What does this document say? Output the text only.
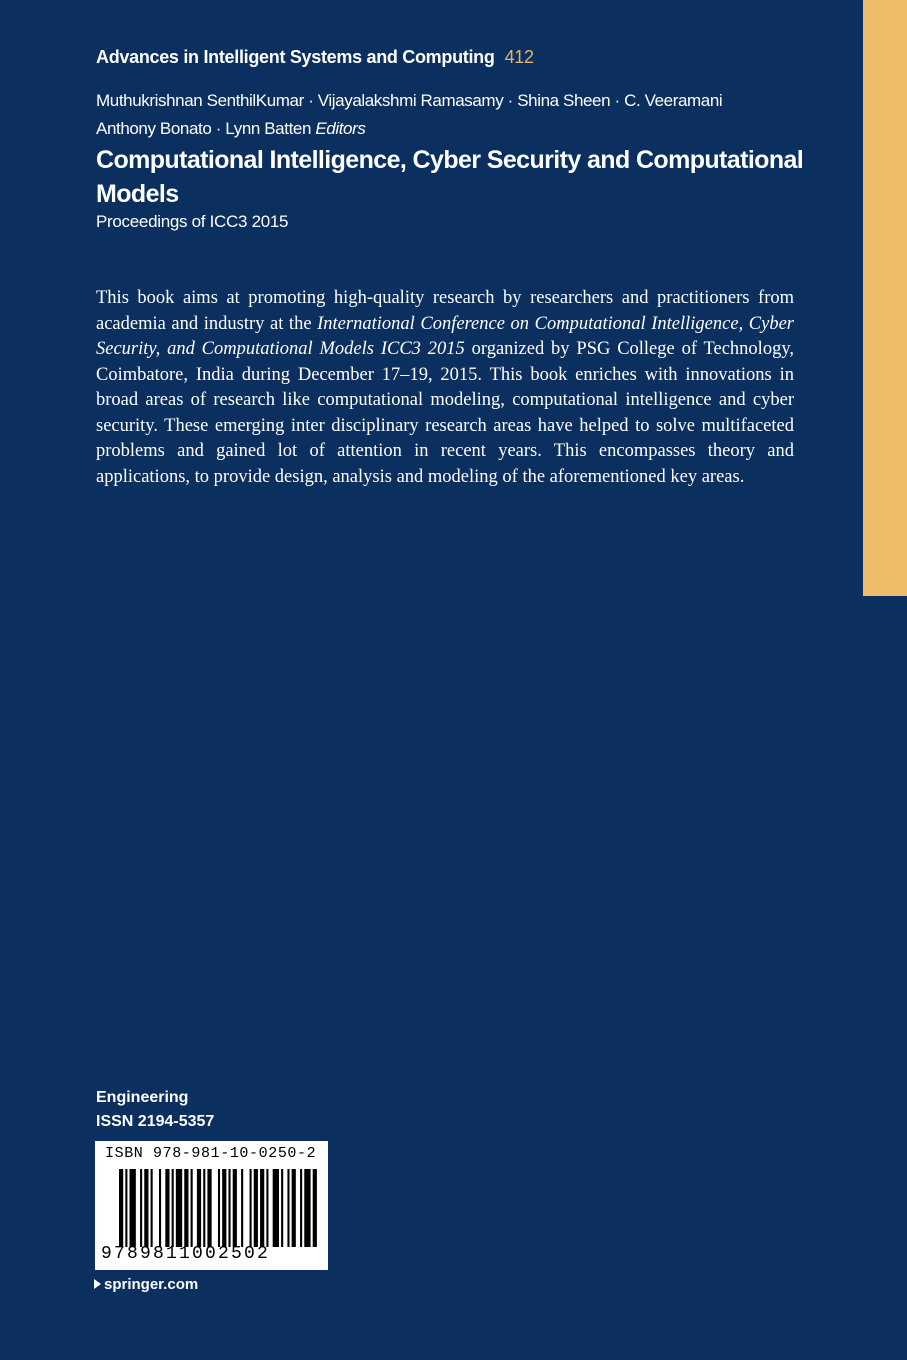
Advances in Intelligent Systems and Computing 412
Muthukrishnan SenthilKumar · Vijayalakshmi Ramasamy · Shina Sheen · C. Veeramani
Anthony Bonato · Lynn Batten Editors
Computational Intelligence, Cyber Security and Computational Models
Proceedings of ICC3 2015
This book aims at promoting high-quality research by researchers and practitioners from academia and industry at the International Conference on Computational Intelligence, Cyber Security, and Computational Models ICC3 2015 organized by PSG College of Technology, Coimbatore, India during December 17–19, 2015. This book enriches with innovations in broad areas of research like computational modeling, computational intelligence and cyber security. These emerging inter disciplinary research areas have helped to solve multifaceted problems and gained lot of attention in recent years. This encompasses theory and applications, to provide design, analysis and modeling of the aforementioned key areas.
Engineering
ISSN 2194-5357
ISBN 978-981-10-0250-2
9789811002502
springer.com
